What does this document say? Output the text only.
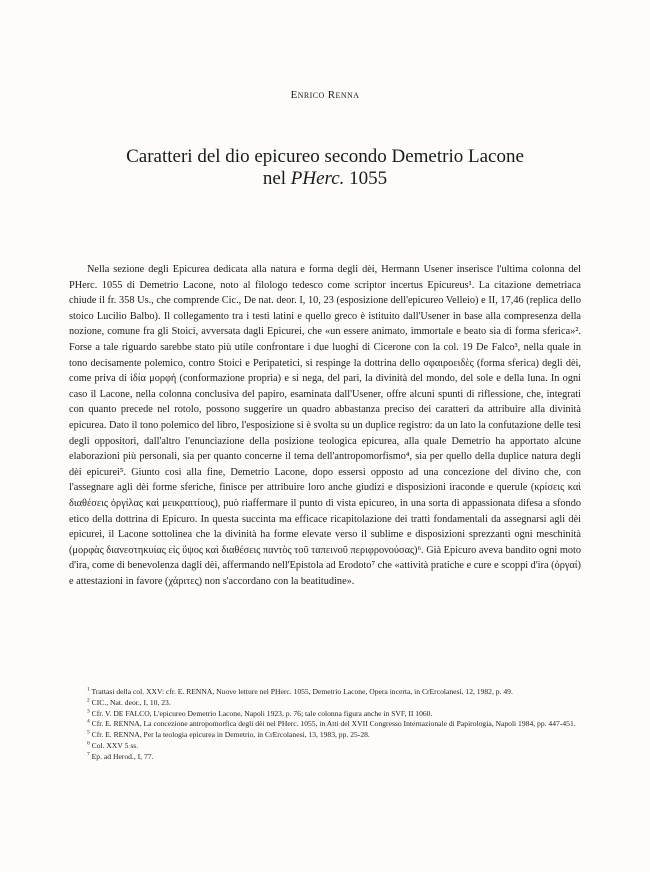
Enrico Renna
Caratteri del dio epicureo secondo Demetrio Lacone
nel PHerc. 1055

Nella sezione degli Epicurea dedicata alla natura e forma degli dèi, Hermann Usener inserisce l'ultima colonna del PHerc. 1055 di Demetrio Lacone, noto al filologo tedesco come scriptor incertus Epicureus¹. La citazione demetriaca chiude il fr. 358 Us., che comprende Cic., De nat. deor. I, 10, 23 (esposizione dell'epicureo Velleio) e II, 17,46 (replica dello stoico Lucilio Balbo). Il collegamento tra i testi latini e quello greco è istituito dall'Usener in base alla compresenza della nozione, comune fra gli Stoici, avversata dagli Epicurei, che «un essere animato, immortale e beato sia di forma sferica»². Forse a tale riguardo sarebbe stato più utile confrontare i due luoghi di Cicerone con la col. 19 De Falco³, nella quale in tono decisamente polemico, contro Stoici e Peripatetici, si respinge la dottrina dello σφαιροειδὲς (forma sferica) degli dèi, come priva di ἰδία μορφή (conformazione propria) e si nega, del pari, la divinità del mondo, del sole e della luna. In ogni caso il Lacone, nella colonna conclusiva del papiro, esaminata dall'Usener, offre alcuni spunti di riflessione, che, integrati con quanto precede nel rotolo, possono suggerire un quadro abbastanza preciso dei caratteri da attribuire alla divinità epicurea. Dato il tono polemico del libro, l'esposizione si è svolta su un duplice registro: da un lato la confutazione delle tesi degli oppositori, dall'altro l'enunciazione della posizione teologica epicurea, alla quale Demetrio ha apportato alcune elaborazioni più personali, sia per quanto concerne il tema dell'antropomorfismo⁴, sia per quello della duplice natura degli dèi epicurei⁵. Giunto così alla fine, Demetrio Lacone, dopo essersi opposto ad una concezione del divino che, con l'assegnare agli dèi forme sferiche, finisce per attribuire loro anche giudizi e disposizioni iraconde e querule (κρίσεις καὶ διαθέσεις ὀργίλας καὶ μεικραιτίους), può riaffermare il punto di vista epicureo, in una sorta di appassionata difesa a sfondo etico della dottrina di Epicuro. In questa succinta ma efficace ricapitolazione dei tratti fondamentali da assegnarsi agli dèi epicurei, il Lacone sottolinea che la divinità ha forme elevate verso il sublime e disposizioni sprezzanti ogni meschinità (μορφὰς διανεστηκυίας εἰς ὕψος καὶ διαθέσεις παντὸς τοῦ ταπεινοῦ περιφρονούσας)⁶. Già Epicuro aveva bandito ogni moto d'ira, come di benevolenza dagli dèi, affermando nell'Epistola ad Erodoto⁷ che «attività pratiche e cure e scoppi d'ira (ὀργαί) e attestazioni in favore (χάριτες) non s'accordano con la beatitudine».

$^1$ Trattasi della col. XXV: cfr. E. RENNA, Nuove letture nel PHerc. 1055, Demetrio Lacone, Opera incerta, in CrErcolanesi, 12, 1982, p. 49.

$^2$ CIC., Nat. deor., I, 10, 23.

$^3$ Cfr. V. DE FALCO, L'epicureo Demetrio Lacone, Napoli 1923, p. 76; tale colonna figura anche in SVF, II 1060.

$^4$ Cfr. E. RENNA, La concezione antropomorfica degli dèi nel PHerc. 1055, in Atti del XVII Congresso Internazionale di Papirologia, Napoli 1984, pp. 447-451.

$^5$ Cfr. E. RENNA, Per la teologia epicurea in Demetrio, in CrErcolanesi, 13, 1983, pp. 25-28.

$^6$ Col. XXV 5 ss.

$^7$ Ep. ad Herod., I, 77.
